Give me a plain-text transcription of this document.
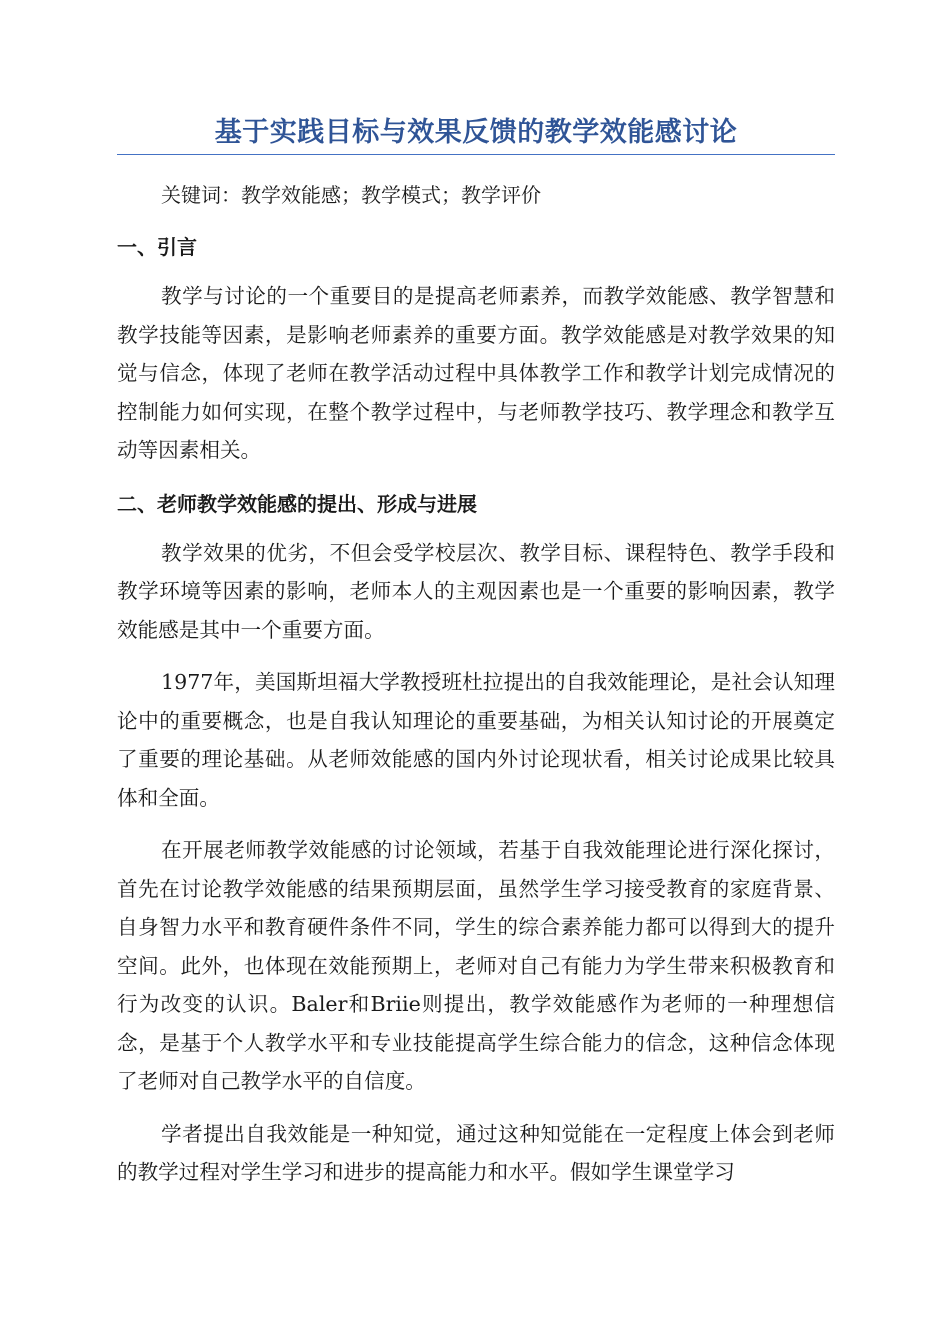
基于实践目标与效果反馈的教学效能感讨论

关键词：教学效能感；教学模式；教学评价

一、引言

教学与讨论的一个重要目的是提高老师素养，而教学效能感、教学智慧和教学技能等因素，是影响老师素养的重要方面。教学效能感是对教学效果的知觉与信念，体现了老师在教学活动过程中具体教学工作和教学计划完成情况的控制能力如何实现，在整个教学过程中，与老师教学技巧、教学理念和教学互动等因素相关。

二、老师教学效能感的提出、形成与进展

教学效果的优劣，不但会受学校层次、教学目标、课程特色、教学手段和教学环境等因素的影响，老师本人的主观因素也是一个重要的影响因素，教学效能感是其中一个重要方面。

1977年，美国斯坦福大学教授班杜拉提出的自我效能理论，是社会认知理论中的重要概念，也是自我认知理论的重要基础，为相关认知讨论的开展奠定了重要的理论基础。从老师效能感的国内外讨论现状看，相关讨论成果比较具体和全面。

在开展老师教学效能感的讨论领域，若基于自我效能理论进行深化探讨，首先在讨论教学效能感的结果预期层面，虽然学生学习接受教育的家庭背景、自身智力水平和教育硬件条件不同，学生的综合素养能力都可以得到大的提升空间。此外，也体现在效能预期上，老师对自己有能力为学生带来积极教育和行为改变的认识。Baler和Briie则提出，教学效能感作为老师的一种理想信念，是基于个人教学水平和专业技能提高学生综合能力的信念，这种信念体现了老师对自己教学水平的自信度。

学者提出自我效能是一种知觉，通过这种知觉能在一定程度上体会到老师的教学过程对学生学习和进步的提高能力和水平。假如学生课堂学习
